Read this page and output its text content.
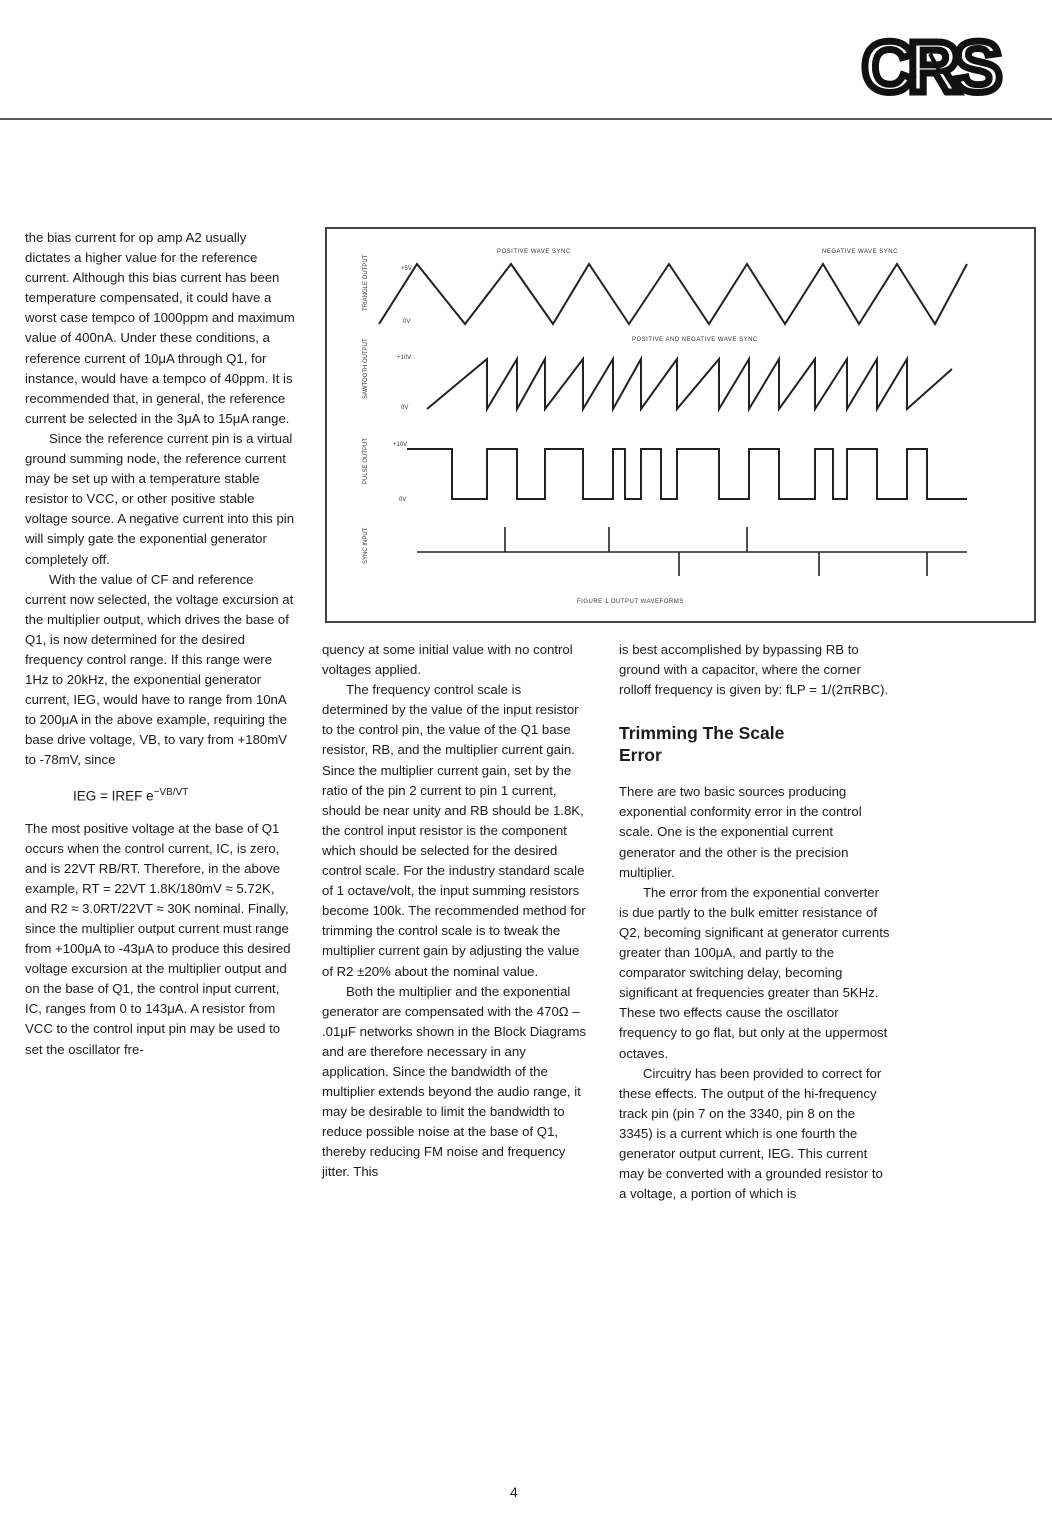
CRS

the bias current for op amp A2 usually dictates a higher value for the reference current. Although this bias current has been temperature compensated, it could have a worst case tempco of 1000ppm and maximum value of 400nA. Under these conditions, a reference current of 10μA through Q1, for instance, would have a tempco of 40ppm. It is recommended that, in general, the reference current be selected in the 3μA to 15μA range.

Since the reference current pin is a virtual ground summing node, the reference current may be set up with a temperature stable resistor to VCC, or other positive stable voltage source. A negative current into this pin will simply gate the exponential generator completely off.

With the value of CF and reference current now selected, the voltage excursion at the multiplier output, which drives the base of Q1, is now determined for the desired frequency control range. If this range were 1Hz to 20kHz, the exponential generator current, IEG, would have to range from 10nA to 200μA in the above example, requiring the base drive voltage, VB, to vary from +180mV to -78mV, since

IEG = IREF $e^{-VB/VT}$

The most positive voltage at the base of Q1 occurs when the control current, IC, is zero, and is 22VT RB/RT. Therefore, in the above example, RT = 22VT 1.8K/180mV ≈ 5.72K, and R2 ≈ 3.0RT/22VT ≈ 30K nominal. Finally, since the multiplier output current must range from +100μA to -43μA to produce this desired voltage excursion at the multiplier output and on the base of Q1, the control input current, IC, ranges from 0 to 143μA. A resistor from VCC to the control input pin may be used to set the oscillator fre-

POSITIVE WAVE SYNC	NEGATIVE WAVE SYNC
POSITIVE AND NEGATIVE WAVE SYNC
TRIANGLE OUTPUT
SAWTOOTH OUTPUT
PULSE OUTPUT
SYNC INPUT
+5V
0V
+10V
0V
+10V
0V
FIGURE 1 OUTPUT WAVEFORMS

quency at some initial value with no control voltages applied.

The frequency control scale is determined by the value of the input resistor to the control pin, the value of the Q1 base resistor, RB, and the multiplier current gain. Since the multiplier current gain, set by the ratio of the pin 2 current to pin 1 current, should be near unity and RB should be 1.8K, the control input resistor is the component which should be selected for the desired control scale. For the industry standard scale of 1 octave/volt, the input summing resistors become 100k. The recommended method for trimming the control scale is to tweak the multiplier current gain by adjusting the value of R2 ±20% about the nominal value.

Both the multiplier and the exponential generator are compensated with the 470Ω – .01μF networks shown in the Block Diagrams and are therefore necessary in any application. Since the bandwidth of the multiplier extends beyond the audio range, it may be desirable to limit the bandwidth to reduce possible noise at the base of Q1, thereby reducing FM noise and frequency jitter. This

is best accomplished by bypassing RB to ground with a capacitor, where the corner rolloff frequency is given by: fLP = 1/(2πRBC).

Trimming The Scale Error

There are two basic sources producing exponential conformity error in the control scale. One is the exponential current generator and the other is the precision multiplier.

The error from the exponential converter is due partly to the bulk emitter resistance of Q2, becoming significant at generator currents greater than 100μA, and partly to the comparator switching delay, becoming significant at frequencies greater than 5KHz. These two effects cause the oscillator frequency to go flat, but only at the uppermost octaves.

Circuitry has been provided to correct for these effects. The output of the hi-frequency track pin (pin 7 on the 3340, pin 8 on the 3345) is a current which is one fourth the generator output current, IEG. This current may be converted with a grounded resistor to a voltage, a portion of which is

4
